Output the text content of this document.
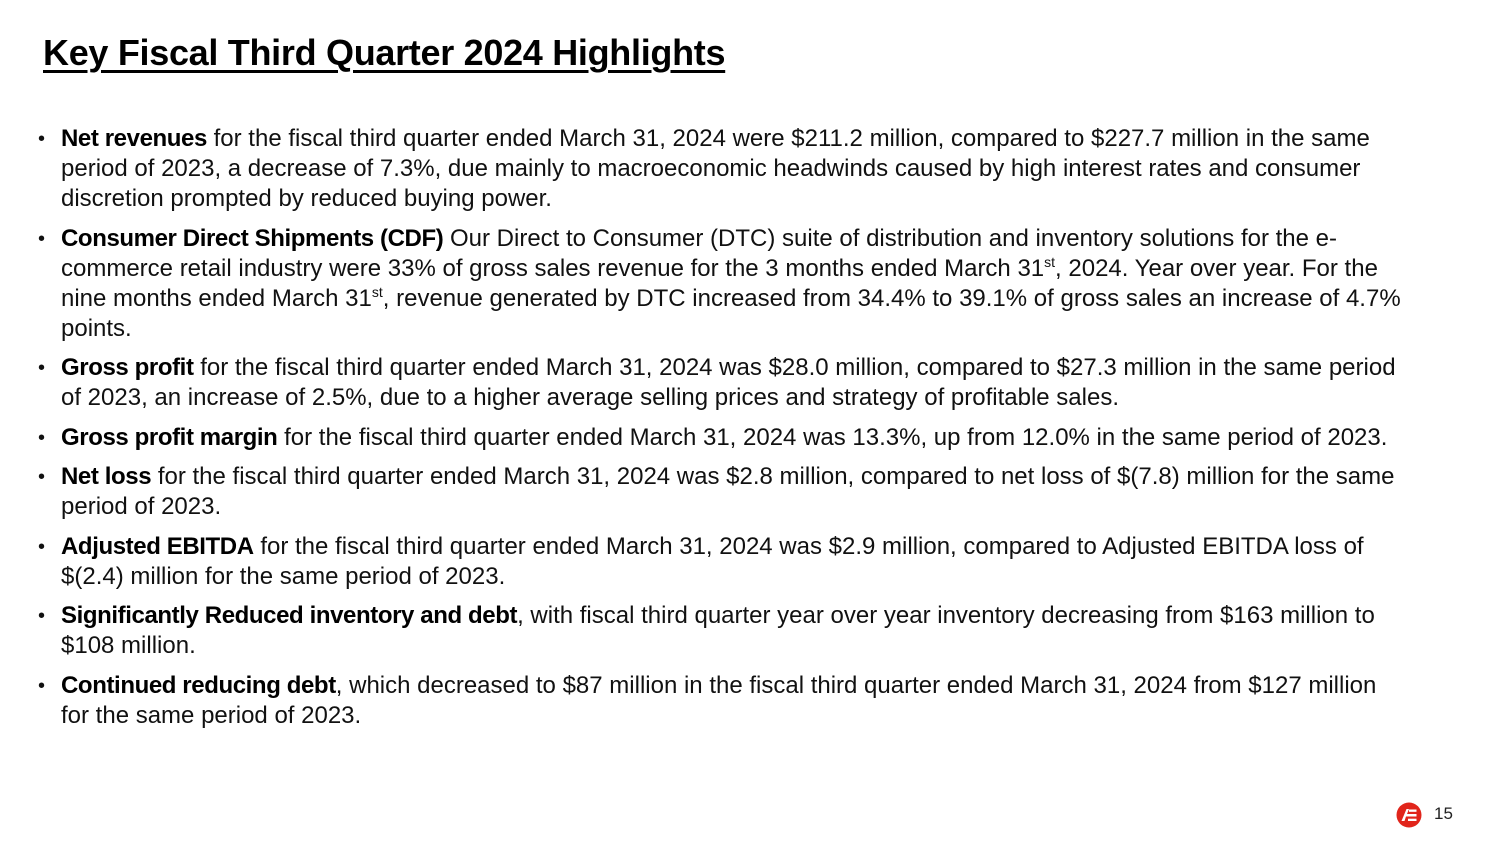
Key Fiscal Third Quarter 2024 Highlights
• Net revenues for the fiscal third quarter ended March 31, 2024 were $211.2 million, compared to $227.7 million in the same period of 2023, a decrease of 7.3%, due mainly to macroeconomic headwinds caused by high interest rates and consumer discretion prompted by reduced buying power.
• Consumer Direct Shipments (CDF) Our Direct to Consumer (DTC) suite of distribution and inventory solutions for the e-commerce retail industry were 33% of gross sales revenue for the 3 months ended March 31st, 2024. Year over year. For the nine months ended March 31st, revenue generated by DTC increased from 34.4% to 39.1% of gross sales an increase of 4.7% points.
• Gross profit for the fiscal third quarter ended March 31, 2024 was $28.0 million, compared to $27.3 million in the same period of 2023, an increase of 2.5%, due to a higher average selling prices and strategy of profitable sales.
• Gross profit margin for the fiscal third quarter ended March 31, 2024 was 13.3%, up from 12.0% in the same period of 2023.
• Net loss for the fiscal third quarter ended March 31, 2024 was $2.8 million, compared to net loss of $(7.8) million for the same period of 2023.
• Adjusted EBITDA for the fiscal third quarter ended March 31, 2024 was $2.9 million, compared to Adjusted EBITDA loss of $(2.4) million for the same period of 2023.
• Significantly Reduced inventory and debt, with fiscal third quarter year over year inventory decreasing from $163 million to $108 million.
• Continued reducing debt, which decreased to $87 million in the fiscal third quarter ended March 31, 2024 from $127 million for the same period of 2023.
15
